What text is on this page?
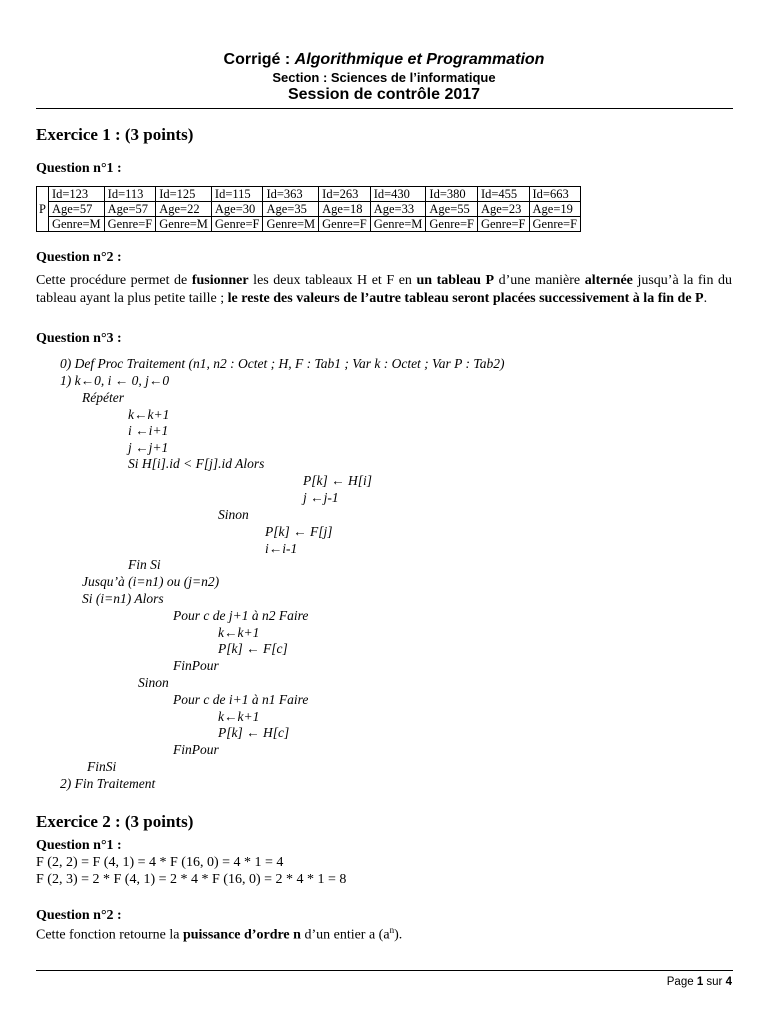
Corrigé : Algorithmique et Programmation
Section : Sciences de l’informatique
Session de contrôle 2017
Exercice 1 : (3 points)
Question n°1 :
P	Id=123	Id=113	Id=125	Id=115	Id=363	Id=263	Id=430	Id=380	Id=455	Id=663
	Age=57	Age=57	Age=22	Age=30	Age=35	Age=18	Age=33	Age=55	Age=23	Age=19
	Genre=M	Genre=F	Genre=M	Genre=F	Genre=M	Genre=F	Genre=M	Genre=F	Genre=F	Genre=F
Question n°2 :
Cette procédure permet de fusionner les deux tableaux H et F en un tableau P d’une manière alternée jusqu’à la fin du tableau ayant la plus petite taille ; le reste des valeurs de l’autre tableau seront placées successivement à la fin de P.
Question n°3 :
0) Def Proc Traitement (n1, n2 : Octet ; H, F : Tab1 ; Var k : Octet ; Var P : Tab2)
1) k←0, i ← 0, j←0
Répéter
k←k+1
i ←i+1
j ←j+1
Si H[i].id < F[j].id Alors
P[k] ← H[i]
j ←j-1
Sinon
P[k] ← F[j]
i←i-1
Fin Si
Jusqu’à (i=n1) ou (j=n2)
Si (i=n1) Alors
Pour c de j+1 à n2 Faire
k←k+1
P[k] ← F[c]
FinPour
Sinon
Pour c de i+1 à n1 Faire
k←k+1
P[k] ← H[c]
FinPour
FinSi
2) Fin Traitement
Exercice 2 : (3 points)
Question n°1 :
F (2, 2) = F (4, 1) = 4 * F (16, 0) = 4 * 1 = 4
F (2, 3) = 2 * F (4, 1) = 2 * 4 * F (16, 0) = 2 * 4 * 1 = 8
Question n°2 :
Cette fonction retourne la puissance d’ordre n d’un entier a $(a^n)$.
Page 1 sur 4
